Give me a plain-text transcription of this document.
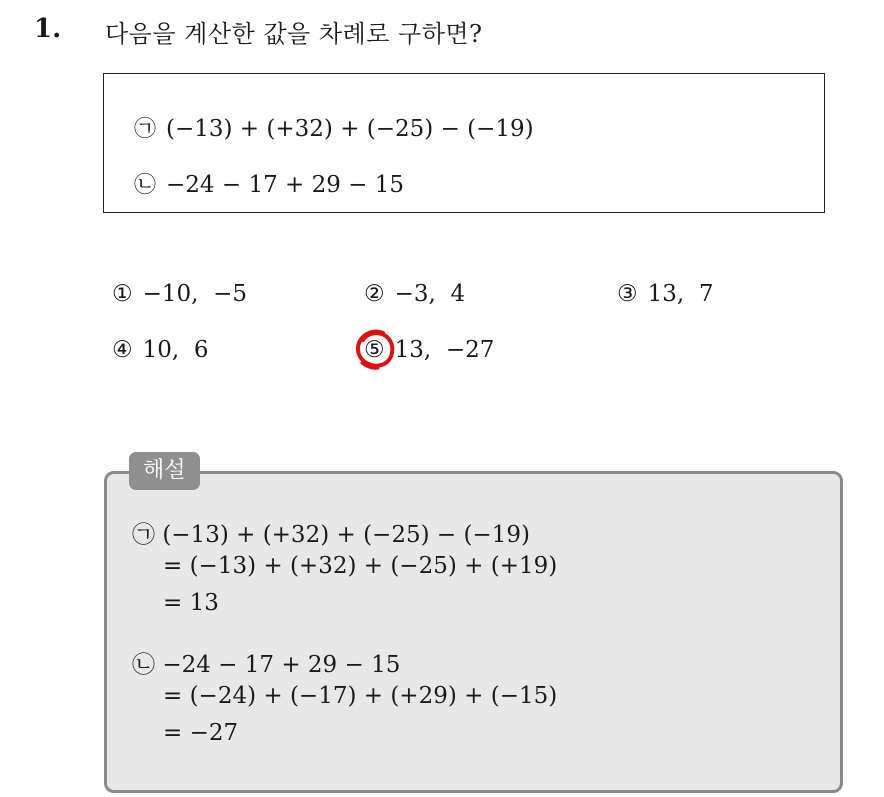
1. 다음을 계산한 값을 차례로 구하면?
㉠ (−13) + (+32) + (−25) − (−19)
㉡ −24 − 17 + 29 − 15
① −10,  −5	② −3,  4	③ 13,  7
④ 10,  6	⑤ 13,  −27
㉠ (−13) + (+32) + (−25) − (−19)
= (−13) + (+32) + (−25) + (+19)
= 13
㉡ −24 − 17 + 29 − 15
= (−24) + (−17) + (+29) + (−15)
= −27
해설
